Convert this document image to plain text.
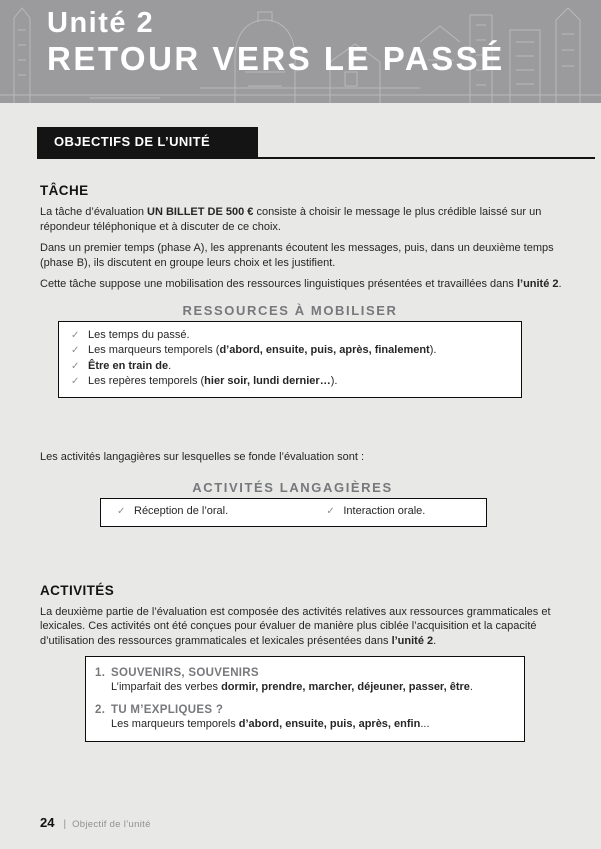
Unité 2
RETOUR VERS LE PASSÉ
OBJECTIFS DE L’UNITÉ
TÂCHE

La tâche d’évaluation UN BILLET DE 500 € consiste à choisir le message le plus crédible laissé sur un répondeur téléphonique et à discuter de ce choix.

Dans un premier temps (phase A), les apprenants écoutent les messages, puis, dans un deuxième temps (phase B), ils discutent en groupe leurs choix et les justifient.

Cette tâche suppose une mobilisation des ressources linguistiques présentées et travaillées dans l’unité 2.

RESSOURCES À MOBILISER
✓ Les temps du passé.
✓ Les marqueurs temporels (d’abord, ensuite, puis, après, finalement).
✓ Être en train de.
✓ Les repères temporels (hier soir, lundi dernier…).

Les activités langagières sur lesquelles se fonde l’évaluation sont :

ACTIVITÉS LANGAGIÈRES
✓ Réception de l’oral.	✓ Interaction orale.
ACTIVITÉS

La deuxième partie de l’évaluation est composée des activités relatives aux ressources grammaticales et lexicales. Ces activités ont été conçues pour évaluer de manière plus ciblée l’acquisition et la capacité d’utilisation des ressources grammaticales et lexicales présentées dans l’unité 2.

1. SOUVENIRS, SOUVENIRS
L’imparfait des verbes dormir, prendre, marcher, déjeuner, passer, être.
2. TU M’EXPLIQUES ?
Les marqueurs temporels d’abord, ensuite, puis, après, enfin...
24 | Objectif de l’unité
